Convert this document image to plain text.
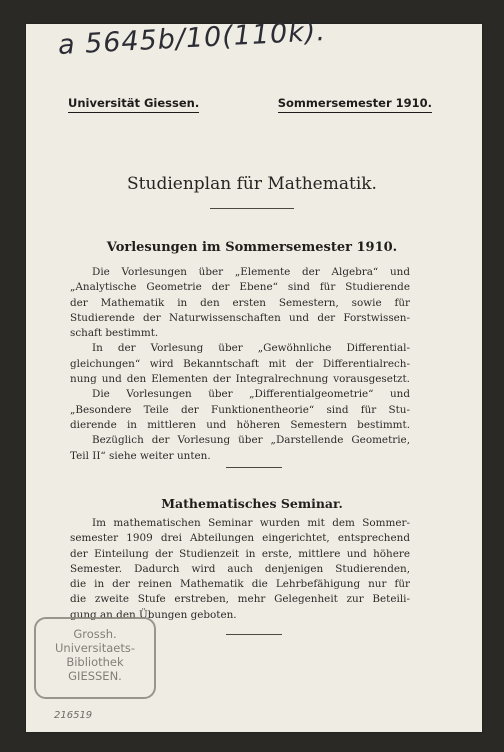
a 5645b/10(110k).
Universität Giessen.	Sommersemester 1910.
Studienplan für Mathematik.
Vorlesungen im Sommersemester 1910.
Die Vorlesungen über „Elemente der Algebra“ und
„Analytische Geometrie der Ebene“ sind für Studierende
der Mathematik in den ersten Semestern, sowie für
Studierende der Naturwissenschaften und der Forstwissen-
schaft bestimmt.
In der Vorlesung über „Gewöhnliche Differential-
gleichungen“ wird Bekanntschaft mit der Differentialrech-
nung und den Elementen der Integralrechnung vorausgesetzt.
Die Vorlesungen über „Differentialgeometrie“ und
„Besondere Teile der Funktionentheorie“ sind für Stu-
dierende in mittleren und höheren Semestern bestimmt.
Bezüglich der Vorlesung über „Darstellende Geometrie,
Teil II“ siehe weiter unten.
Mathematisches Seminar.
Im mathematischen Seminar wurden mit dem Sommer-
semester 1909 drei Abteilungen eingerichtet, entsprechend
der Einteilung der Studienzeit in erste, mittlere und höhere
Semester. Dadurch wird auch denjenigen Studierenden,
die in der reinen Mathematik die Lehrbefähigung nur für
die zweite Stufe erstreben, mehr Gelegenheit zur Beteili-
gung an den Übungen geboten.
Grossh.
Universitaets-
Bibliothek
GIESSEN.
216519
